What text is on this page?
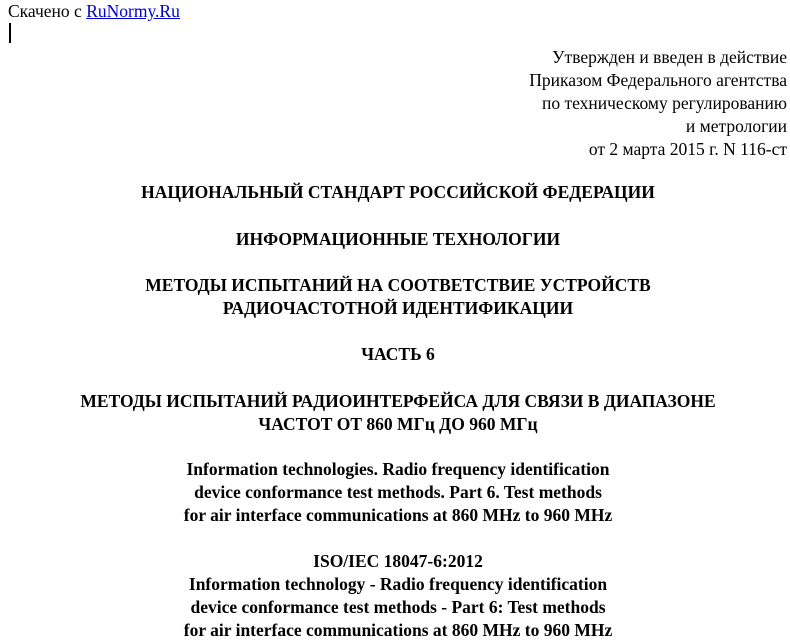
Скачено с RuNormy.Ru
Утвержден и введен в действие
Приказом Федерального агентства
по техническому регулированию
и метрологии
от 2 марта 2015 г. N 116-ст
НАЦИОНАЛЬНЫЙ СТАНДАРТ РОССИЙСКОЙ ФЕДЕРАЦИИ
ИНФОРМАЦИОННЫЕ ТЕХНОЛОГИИ
МЕТОДЫ ИСПЫТАНИЙ НА СООТВЕТСТВИЕ УСТРОЙСТВ
РАДИОЧАСТОТНОЙ ИДЕНТИФИКАЦИИ
ЧАСТЬ 6
МЕТОДЫ ИСПЫТАНИЙ РАДИОИНТЕРФЕЙСА ДЛЯ СВЯЗИ В ДИАПАЗОНЕ
ЧАСТОТ ОТ 860 МГц ДО 960 МГц
Information technologies. Radio frequency identification
device conformance test methods. Part 6. Test methods
for air interface communications at 860 MHz to 960 MHz
ISO/IEC 18047-6:2012
Information technology - Radio frequency identification
device conformance test methods - Part 6: Test methods
for air interface communications at 860 MHz to 960 MHz
